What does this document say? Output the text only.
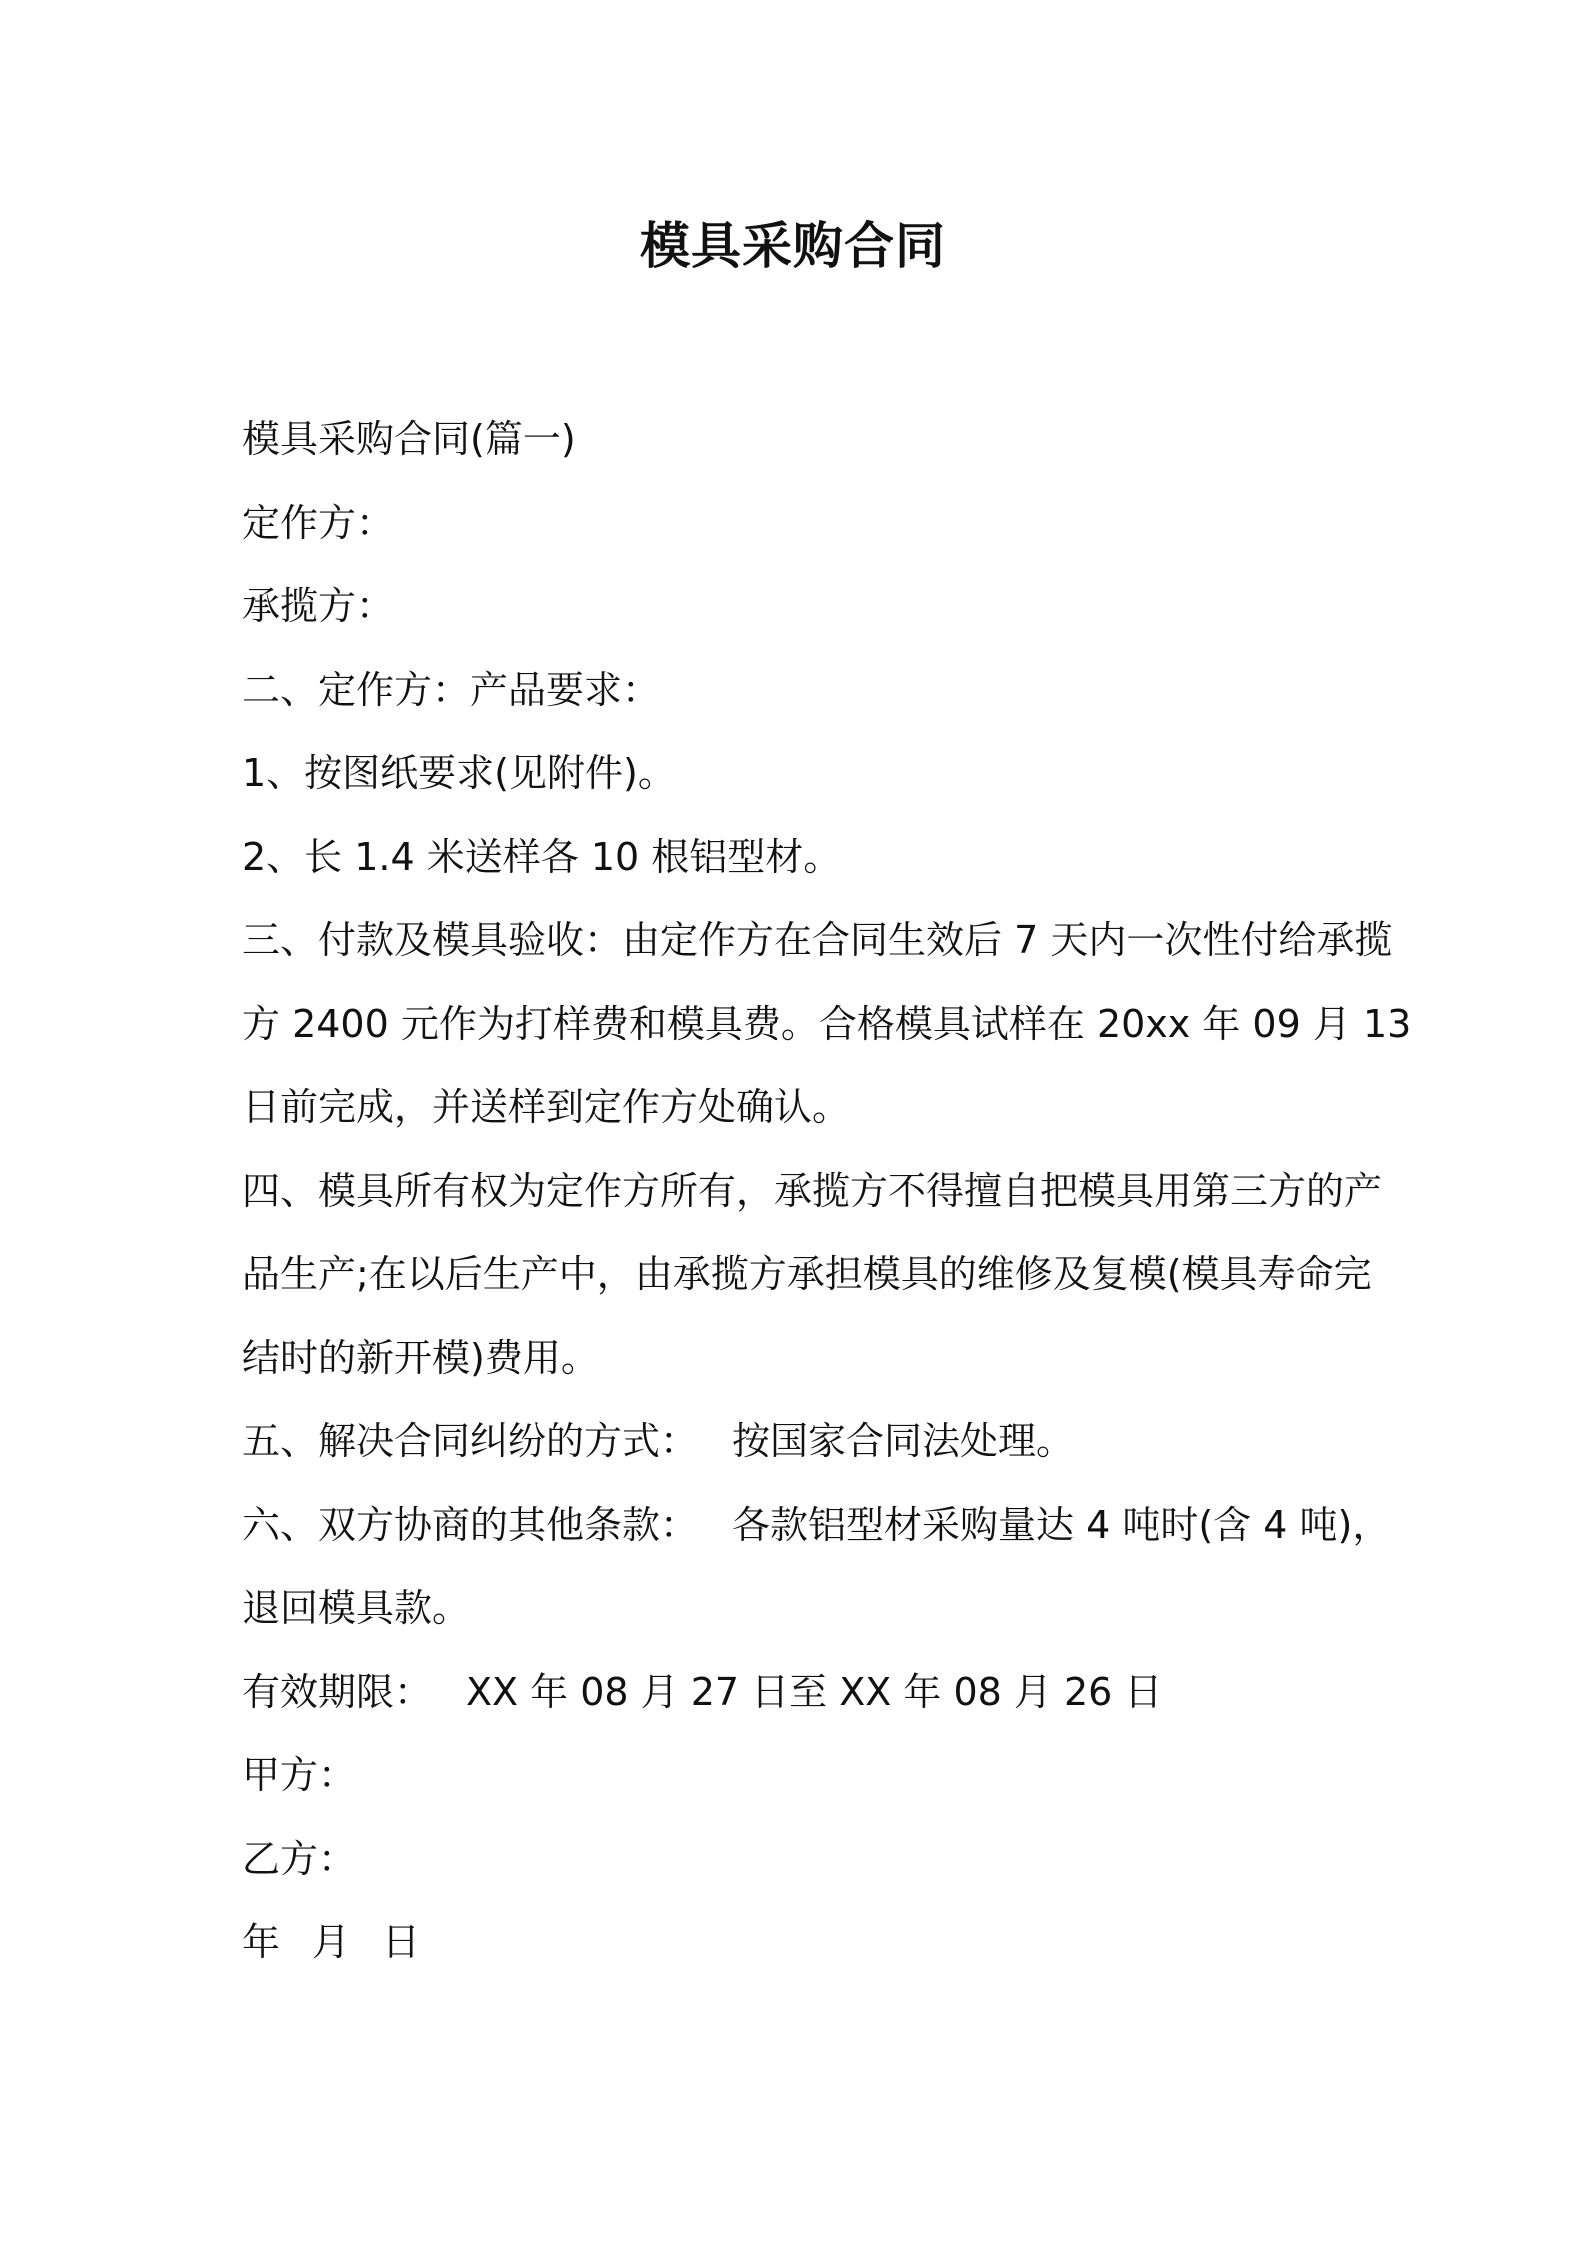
模具采购合同

模具采购合同(篇一)

定作方：

承揽方：

二、定作方：产品要求：

1、按图纸要求(见附件)。

2、长 1.4 米送样各 10 根铝型材。

三、付款及模具验收：由定作方在合同生效后 7 天内一次性付给承揽

方 2400 元作为打样费和模具费。合格模具试样在 20xx 年 09 月 13

日前完成，并送样到定作方处确认。

四、模具所有权为定作方所有，承揽方不得擅自把模具用第三方的产

品生产;在以后生产中，由承揽方承担模具的维修及复模(模具寿命完

结时的新开模)费用。

五、解决合同纠纷的方式： 按国家合同法处理。

六、双方协商的其他条款： 各款铝型材采购量达 4 吨时(含 4 吨)，

退回模具款。

有效期限： XX 年 08 月 27 日至 XX 年 08 月 26 日

甲方：

乙方：

年 月 日
